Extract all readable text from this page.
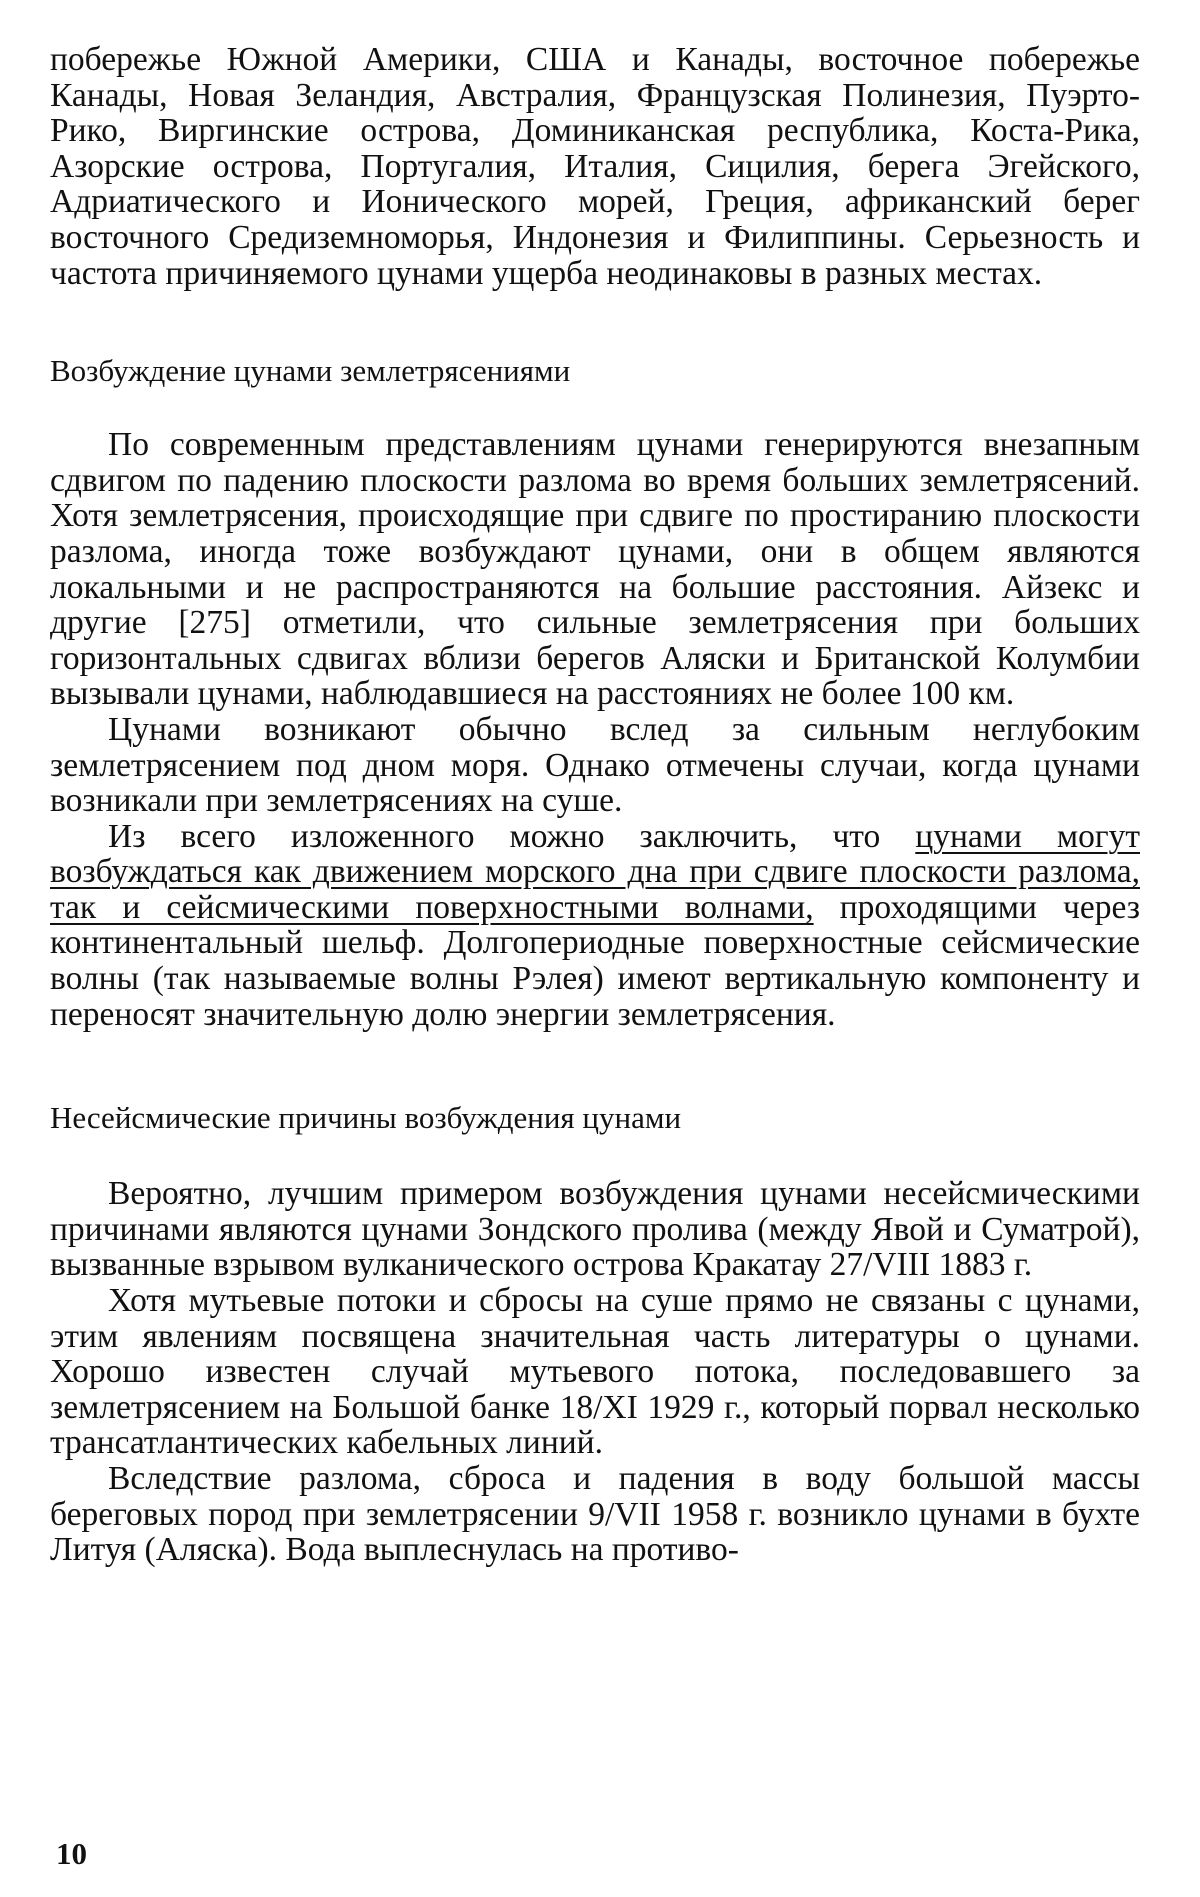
побережье Южной Америки, США и Канады, восточное побережье Канады, Новая Зеландия, Австралия, Французская Полинезия, Пуэрто-Рико, Виргинские острова, Доминиканская республика, Коста-Рика, Азорские острова, Португалия, Италия, Сицилия, берега Эгейского, Адриатического и Ионического морей, Греция, африканский берег восточного Средиземноморья, Индонезия и Филиппины. Серьезность и частота причиняемого цунами ущерба неодинаковы в разных местах.

Возбуждение цунами землетрясениями

По современным представлениям цунами генерируются внезапным сдвигом по падению плоскости разлома во время больших землетрясений. Хотя землетрясения, происходящие при сдвиге по простиранию плоскости разлома, иногда тоже возбуждают цунами, они в общем являются локальными и не распространяются на большие расстояния. Айзекс и другие [275] отметили, что сильные землетрясения при больших горизонтальных сдвигах вблизи берегов Аляски и Британской Колумбии вызывали цунами, наблюдавшиеся на расстояниях не более 100 км.

Цунами возникают обычно вслед за сильным неглубоким землетрясением под дном моря. Однако отмечены случаи, когда цунами возникали при землетрясениях на суше.

Из всего изложенного можно заключить, что цунами могут возбуждаться как движением морского дна при сдвиге плоскости разлома, так и сейсмическими поверхностными волнами, проходящими через континентальный шельф. Долгопериодные поверхностные сейсмические волны (так называемые волны Рэлея) имеют вертикальную компоненту и переносят значительную долю энергии землетрясения.

Несейсмические причины возбуждения цунами

Вероятно, лучшим примером возбуждения цунами несейсмическими причинами являются цунами Зондского пролива (между Явой и Суматрой), вызванные взрывом вулканического острова Кракатау 27/VIII 1883 г.

Хотя мутьевые потоки и сбросы на суше прямо не связаны с цунами, этим явлениям посвящена значительная часть литературы о цунами. Хорошо известен случай мутьевого потока, последовавшего за землетрясением на Большой банке 18/XI 1929 г., который порвал несколько трансатлантических кабельных линий.

Вследствие разлома, сброса и падения в воду большой массы береговых пород при землетрясении 9/VII 1958 г. возникло цунами в бухте Литуя (Аляска). Вода выплеснулась на противо-

10
